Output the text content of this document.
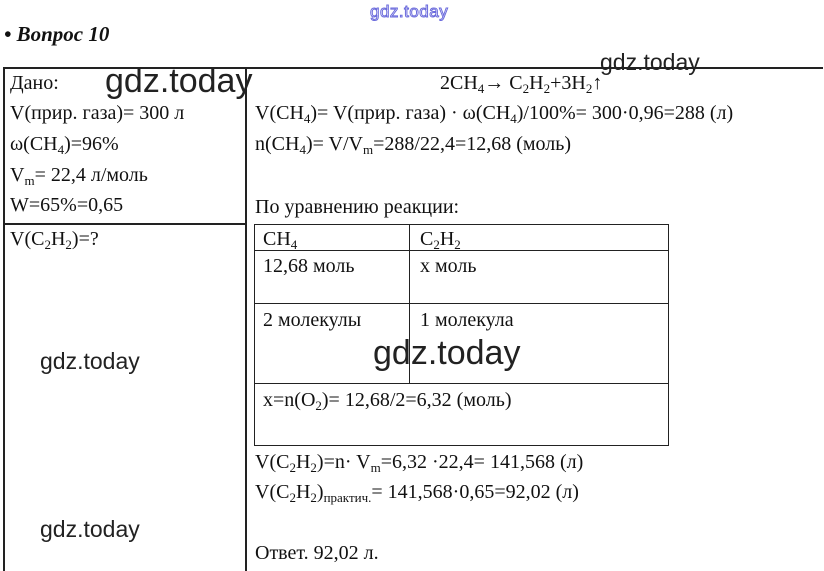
gdz.today
• Вопрос 10
Дано:
V(прир. газа)= 300 л
$\omega(CH_4)=96\%$
$V_m= 22,4$ л/моль
W=65%=0,65
$V(C_2H_2)=$?
$2CH_4\to$ $C_2H_2+3H_2↑$
$V(CH_4)=$ V(прир. газа) · $\omega(CH_4)/100\%= 300\cdot 0,96=288$ (л)
$n(CH_4)= V/V_m=288/22,4=12,68$ (моль)
По уравнению реакции:
$CH_4$	$C_2H_2$
12,68 моль	х моль
2 молекулы	1 молекула
$x=n(O_2)= 12,68/2=6,32$ (моль)
$V(C_2H_2)=n\cdot V_m=6,32 \cdot 22,4= 141,568$ (л)
$V(C_2H_2)_{практич.}= 141,568\cdot 0,65=92,02$ (л)
Ответ. 92,02 л.
gdz.today	gdz.today
gdz.today
gdz.today
gdz.today
